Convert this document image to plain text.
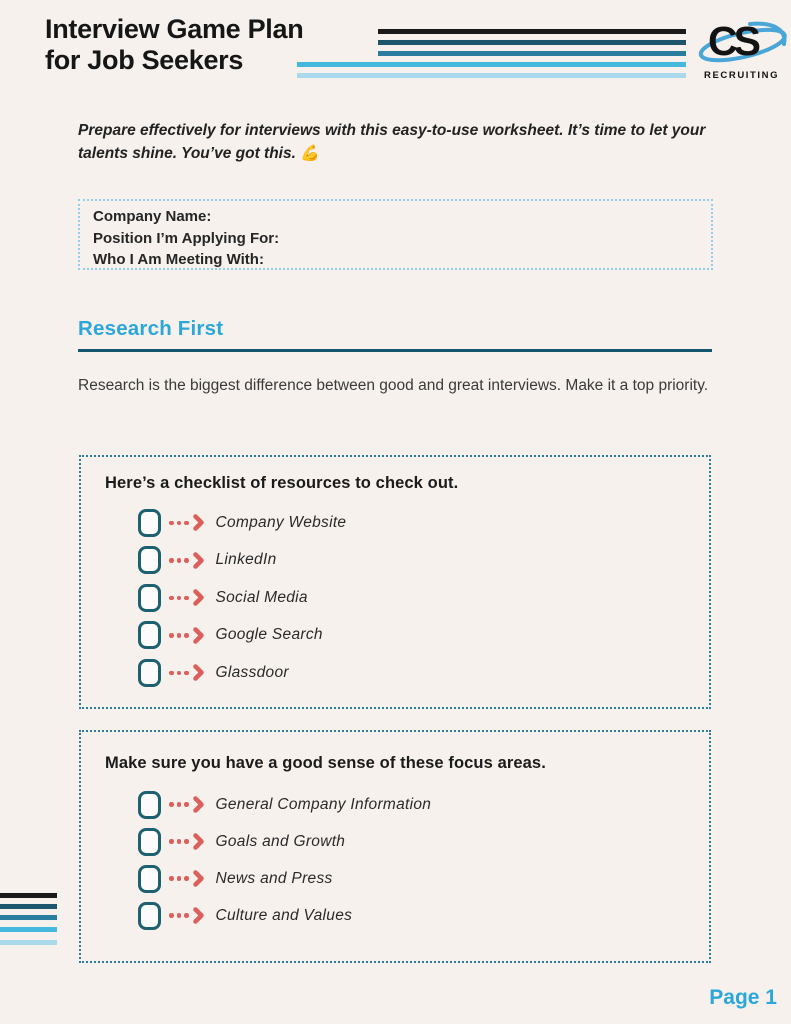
Interview Game Plan
for Job Seekers	CS
RECRUITING

Prepare effectively for interviews with this easy-to-use worksheet. It’s time to let your talents shine. You’ve got this. 💪

Company Name:
Position I’m Applying For:
Who I Am Meeting With:
Research First

Research is the biggest difference between good and great interviews. Make it a top priority.

Here’s a checklist of resources to check out.
Company Website
LinkedIn
Social Media
Google Search
Glassdoor
Make sure you have a good sense of these focus areas.
General Company Information
Goals and Growth
News and Press
Culture and Values
Page 1
